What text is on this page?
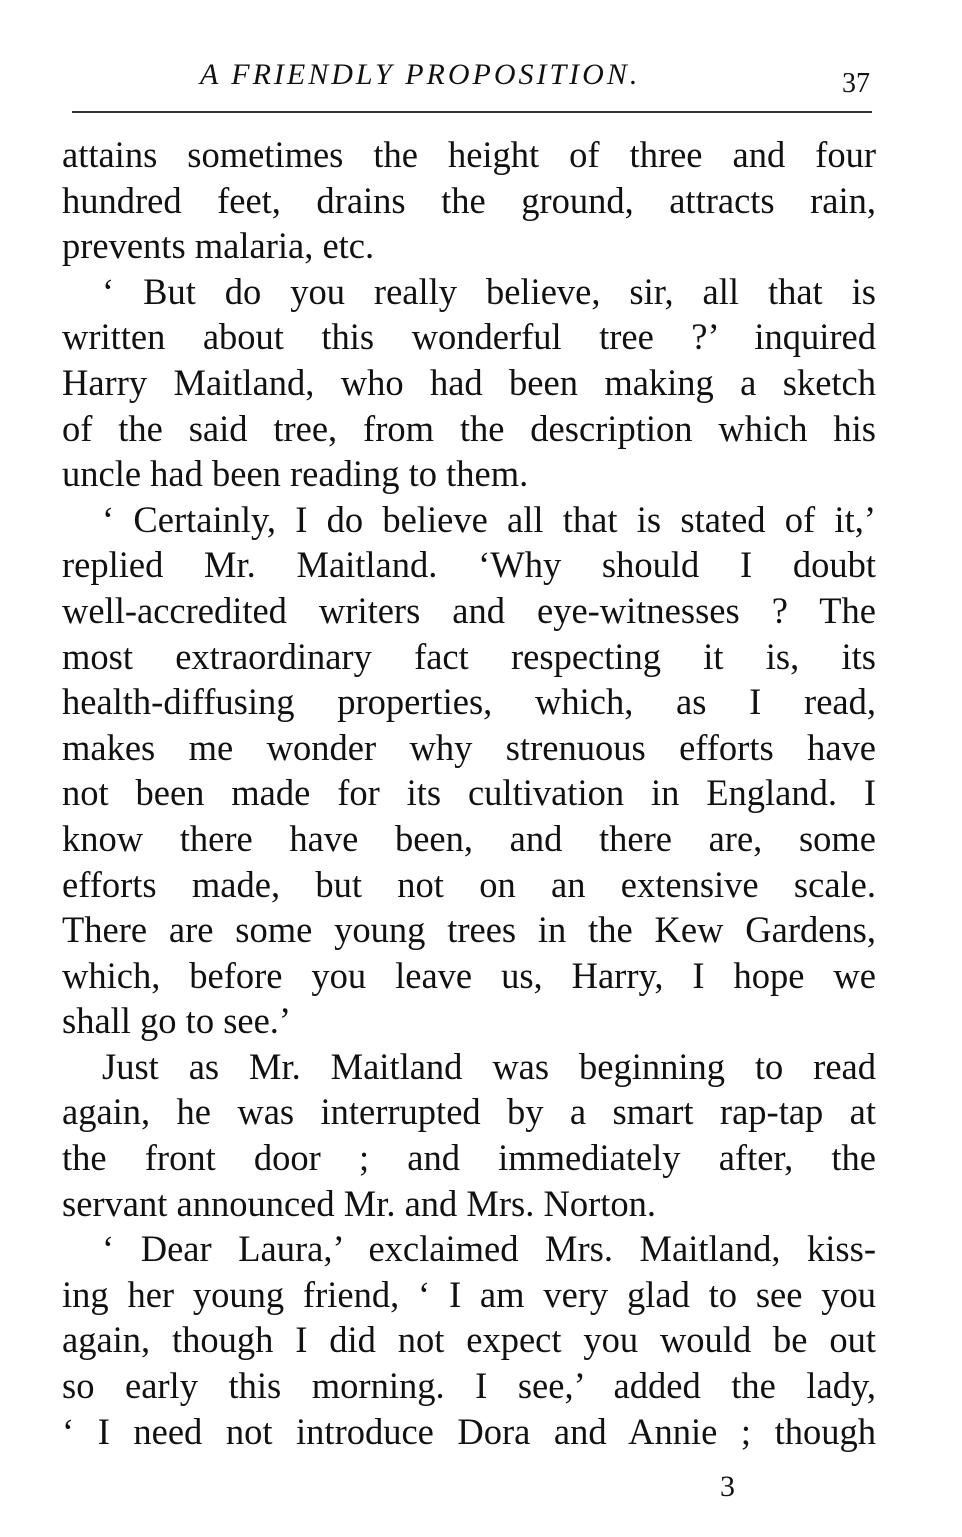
A FRIENDLY PROPOSITION.	37
attains sometimes the height of three and four
hundred feet, drains the ground, attracts rain,
prevents malaria, etc.
‘ But do you really believe, sir, all that is
written about this wonderful tree ?’ inquired
Harry Maitland, who had been making a sketch
of the said tree, from the description which his
uncle had been reading to them.
‘ Certainly, I do believe all that is stated of it,’
replied Mr. Maitland. ‘Why should I doubt
well-accredited writers and eye-witnesses ? The
most extraordinary fact respecting it is, its
health-diffusing properties, which, as I read,
makes me wonder why strenuous efforts have
not been made for its cultivation in England. I
know there have been, and there are, some
efforts made, but not on an extensive scale.
There are some young trees in the Kew Gardens,
which, before you leave us, Harry, I hope we
shall go to see.’
Just as Mr. Maitland was beginning to read
again, he was interrupted by a smart rap-tap at
the front door ; and immediately after, the
servant announced Mr. and Mrs. Norton.
‘ Dear Laura,’ exclaimed Mrs. Maitland, kiss-
ing her young friend, ‘ I am very glad to see you
again, though I did not expect you would be out
so early this morning. I see,’ added the lady,
‘ I need not introduce Dora and Annie ; though
3
